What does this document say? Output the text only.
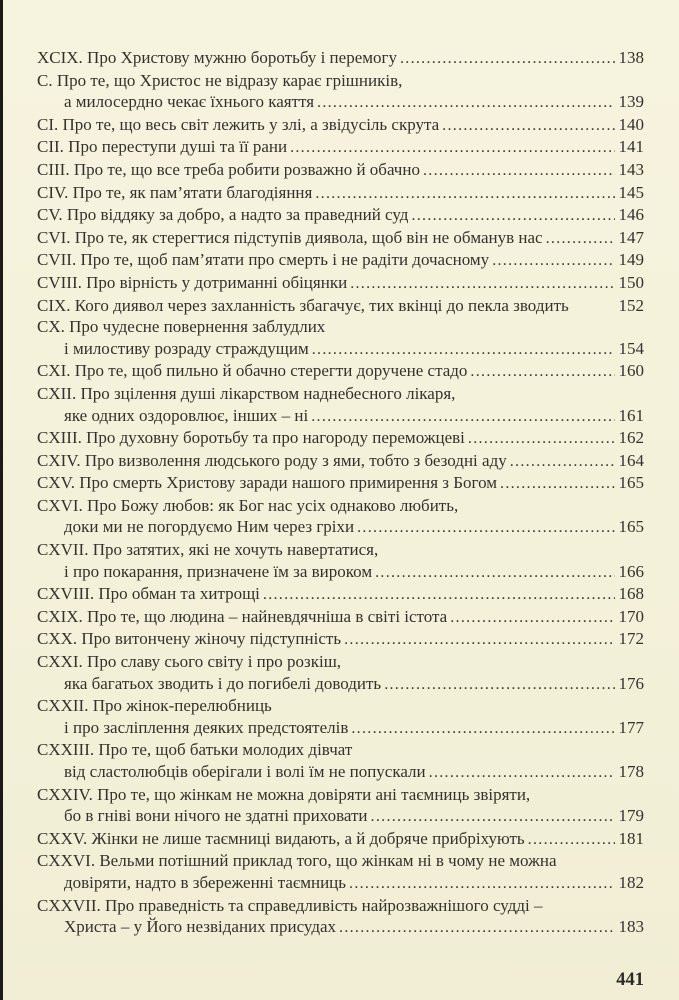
XCIX. Про Христову мужню боротьбу і перемогу .....	138
C. Про те, що Христос не відразу карає грішників,
а милосердно чекає їхнього каяття .....	139
CI. Про те, що весь світ лежить у злі, а звідусіль скрута .....	140
CII. Про переступи душі та її рани .....	141
CIII. Про те, що все треба робити розважно й обачно .....	143
CIV. Про те, як пам’ятати благодіяння .....	145
CV. Про віддяку за добро, а надто за праведний суд .....	146
CVI. Про те, як стерегтися підступів диявола, щоб він не обманув нас .....	147
CVII. Про те, щоб пам’ятати про смерть і не радіти дочасному .....	149
CVIII. Про вірність у дотриманні обіцянки .....	150
CIX. Кого диявол через захланність збагачує, тих вкінці до пекла зводить	152
CX. Про чудесне повернення заблудлих
і милостиву розраду страждущим .....	154
CXI. Про те, щоб пильно й обачно стерегти доручене стадо .....	160
CXII. Про зцілення душі лікарством наднебесного лікаря,
яке одних оздоровлює, інших – ні .....	161
CXIII. Про духовну боротьбу та про нагороду переможцеві .....	162
CXIV. Про визволення людського роду з ями, тобто з безодні аду .....	164
CXV. Про смерть Христову заради нашого примирення з Богом .....	165
CXVI. Про Божу любов: як Бог нас усіх однаково любить,
доки ми не погордуємо Ним через гріхи .....	165
CXVII. Про затятих, які не хочуть навертатися,
і про покарання, призначене їм за вироком .....	166
CXVIII. Про обман та хитрощі .....	168
CXIX. Про те, що людина – найневдячніша в світі істота .....	170
CXX. Про витончену жіночу підступність .....	172
CXXI. Про славу сього світу і про розкіш,
яка багатьох зводить і до погибелі доводить .....	176
CXXII. Про жінок-перелюбниць
і про засліплення деяких предстоятелів .....	177
CXXIII. Про те, щоб батьки молодих дівчат
від сластолюбців оберігали і волі їм не попускали .....	178
CXXIV. Про те, що жінкам не можна довіряти ані таємниць звіряти,
бо в гніві вони нічого не здатні приховати .....	179
CXXV. Жінки не лише таємниці видають, а й добряче прибріхують .....	181
CXXVI. Вельми потішний приклад того, що жінкам ні в чому не можна
довіряти, надто в збереженні таємниць .....	182
CXXVII. Про праведність та справедливість найрозважнішого судді –
Христа – у Його незвіданих присудах .....	183
441
